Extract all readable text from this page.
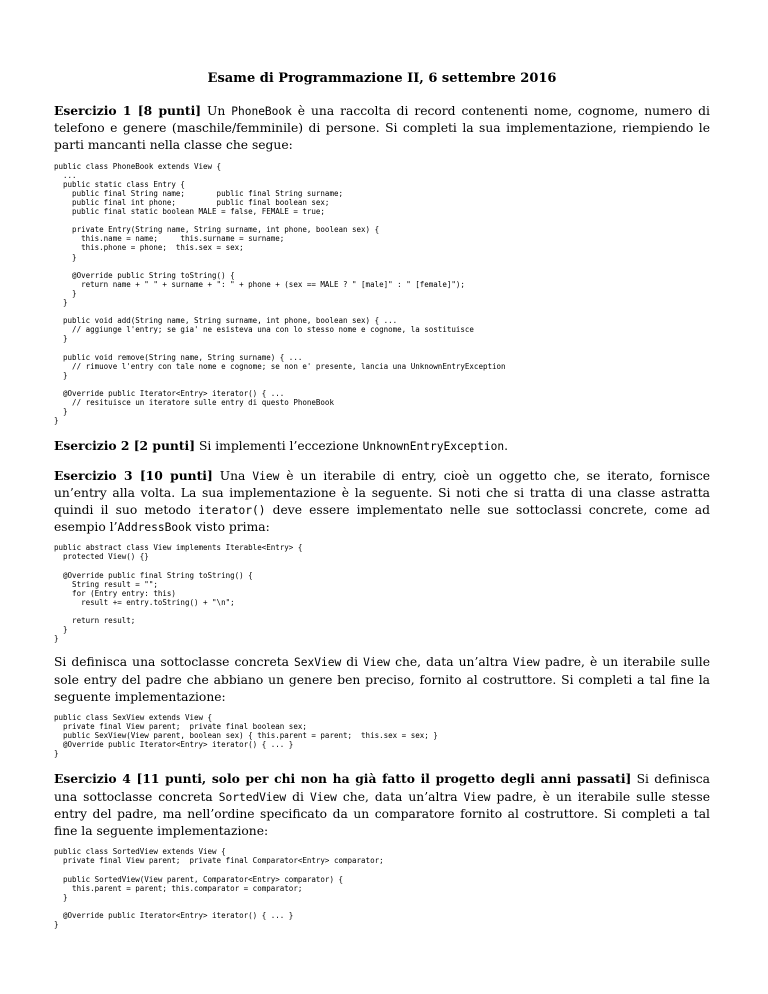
Esame di Programmazione II, 6 settembre 2016

Esercizio 1 [8 punti] Un PhoneBook è una raccolta di record contenenti nome, cognome, numero di telefono e genere (maschile/femminile) di persone. Si completi la sua implementazione, riempiendo le parti mancanti nella classe che segue:

public class PhoneBook extends View {
...
public static class Entry {
public final String name;       public final String surname;
public final int phone;         public final boolean sex;
public final static boolean MALE = false, FEMALE = true;

private Entry(String name, String surname, int phone, boolean sex) {
this.name = name;     this.surname = surname;
this.phone = phone;  this.sex = sex;
}

@Override public String toString() {
return name + " " + surname + ": " + phone + (sex == MALE ? " [male]" : " [female]");
}
}

public void add(String name, String surname, int phone, boolean sex) { ...
// aggiunge l'entry; se gia' ne esisteva una con lo stesso nome e cognome, la sostituisce
}

public void remove(String name, String surname) { ...
// rimuove l'entry con tale nome e cognome; se non e' presente, lancia una UnknownEntryException
}

@Override public Iterator<Entry> iterator() { ...
// resituisce un iteratore sulle entry di questo PhoneBook
}
}

Esercizio 2 [2 punti] Si implementi l’eccezione UnknownEntryException.

Esercizio 3 [10 punti] Una View è un iterabile di entry, cioè un oggetto che, se iterato, fornisce un’entry alla volta. La sua implementazione è la seguente. Si noti che si tratta di una classe astratta quindi il suo metodo iterator() deve essere implementato nelle sue sottoclassi concrete, come ad esempio l’AddressBook visto prima:

public abstract class View implements Iterable<Entry> {
protected View() {}

@Override public final String toString() {
String result = "";
for (Entry entry: this)
result += entry.toString() + "\n";

return result;
}
}

Si definisca una sottoclasse concreta SexView di View che, data un’altra View padre, è un iterabile sulle sole entry del padre che abbiano un genere ben preciso, fornito al costruttore. Si completi a tal fine la seguente implementazione:

public class SexView extends View {
private final View parent;  private final boolean sex;
public SexView(View parent, boolean sex) { this.parent = parent;  this.sex = sex; }
@Override public Iterator<Entry> iterator() { ... }
}

Esercizio 4 [11 punti, solo per chi non ha già fatto il progetto degli anni passati] Si definisca una sottoclasse concreta SortedView di View che, data un’altra View padre, è un iterabile sulle stesse entry del padre, ma nell’ordine specificato da un comparatore fornito al costruttore. Si completi a tal fine la seguente implementazione:

public class SortedView extends View {
private final View parent;  private final Comparator<Entry> comparator;

public SortedView(View parent, Comparator<Entry> comparator) {
this.parent = parent; this.comparator = comparator;
}

@Override public Iterator<Entry> iterator() { ... }
}
